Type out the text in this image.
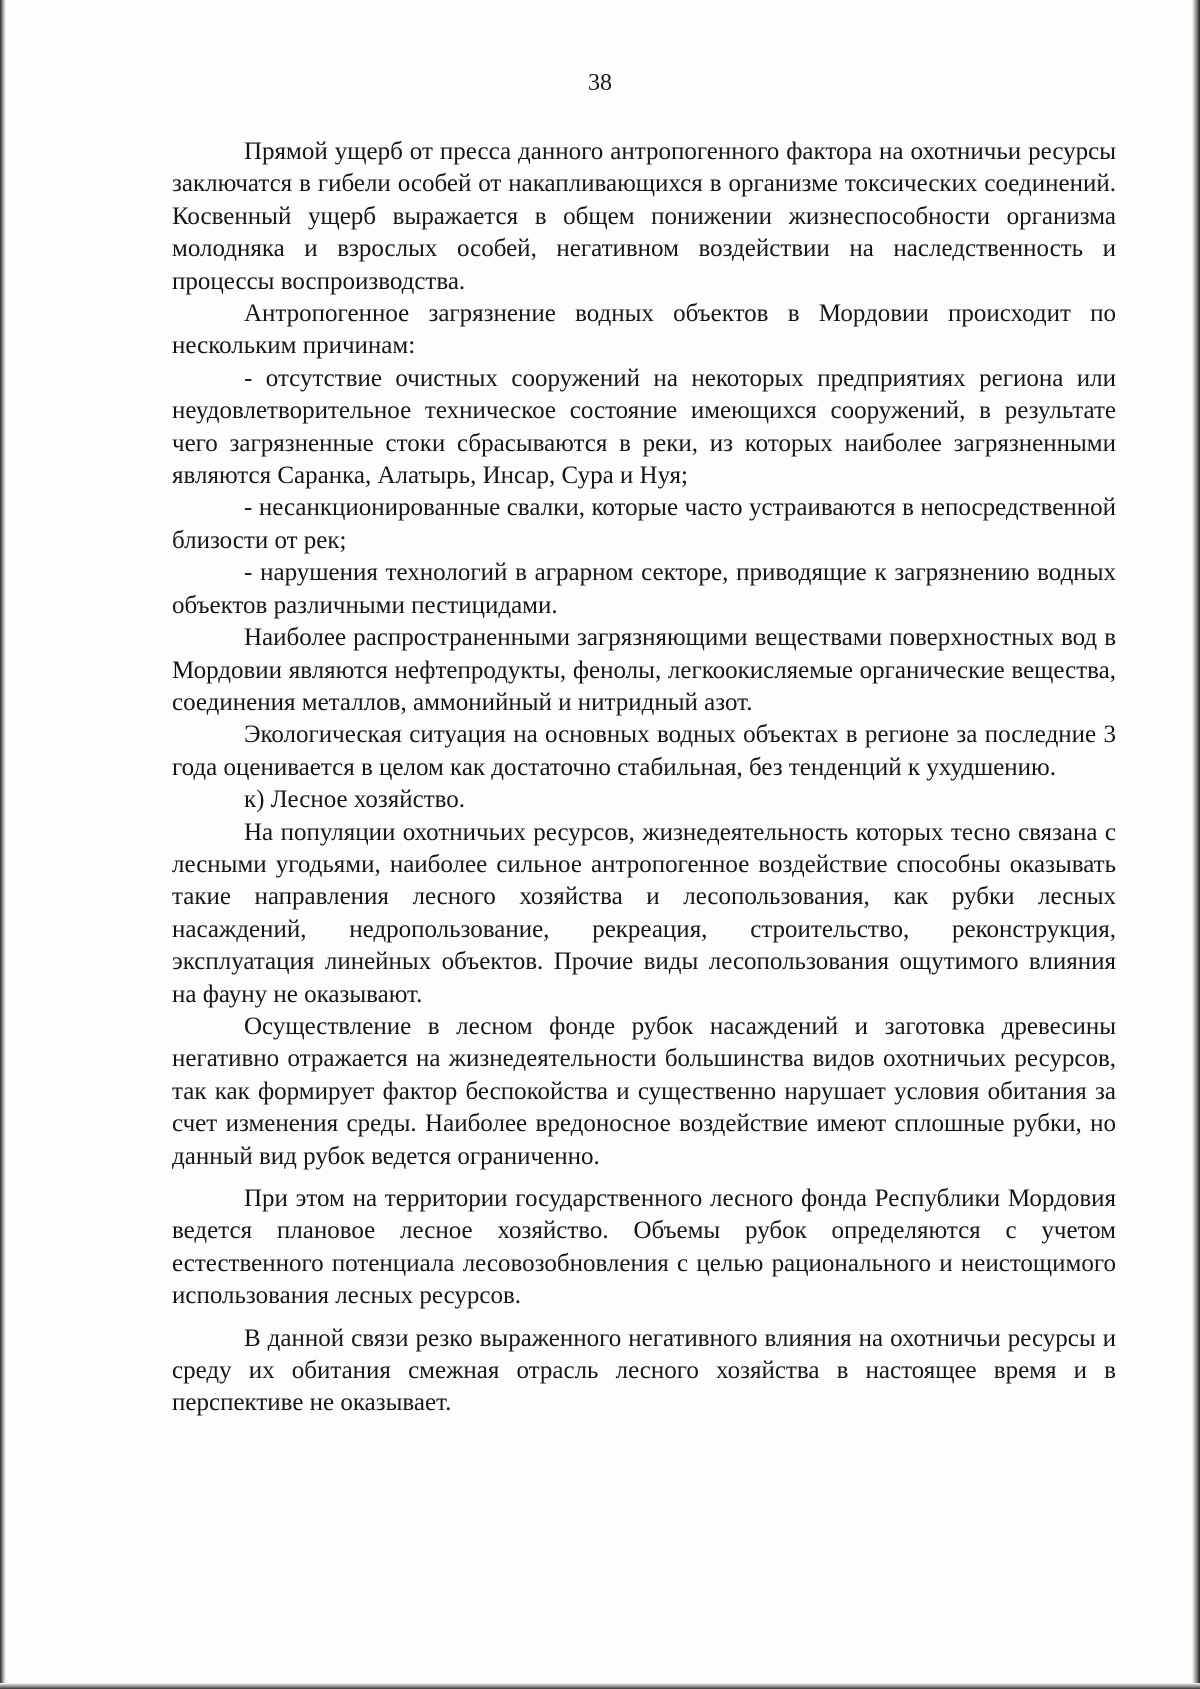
38

Прямой ущерб от пресса данного антропогенного фактора на охотничьи ресурсы заключатся в гибели особей от накапливающихся в организме токсических соединений. Косвенный ущерб выражается в общем понижении жизнеспособности организма молодняка и взрослых особей, негативном воздействии на наследственность и процессы воспроизводства.

Антропогенное загрязнение водных объектов в Мордовии происходит по нескольким причинам:

- отсутствие очистных сооружений на некоторых предприятиях региона или неудовлетворительное техническое состояние имеющихся сооружений, в результате чего загрязненные стоки сбрасываются в реки, из которых наиболее загрязненными являются Саранка, Алатырь, Инсар, Сура и Нуя;

- несанкционированные свалки, которые часто устраиваются в непосредственной близости от рек;

- нарушения технологий в аграрном секторе, приводящие к загрязнению водных объектов различными пестицидами.

Наиболее распространенными загрязняющими веществами поверхностных вод в Мордовии являются нефтепродукты, фенолы, легкоокисляемые органические вещества, соединения металлов, аммонийный и нитридный азот.

Экологическая ситуация на основных водных объектах в регионе за последние 3 года оценивается в целом как достаточно стабильная, без тенденций к ухудшению.

к) Лесное хозяйство.

На популяции охотничьих ресурсов, жизнедеятельность которых тесно связана с лесными угодьями, наиболее сильное антропогенное воздействие способны оказывать такие направления лесного хозяйства и лесопользования, как рубки лесных насаждений, недропользование, рекреация, строительство, реконструкция, эксплуатация линейных объектов. Прочие виды лесопользования ощутимого влияния на фауну не оказывают.

Осуществление в лесном фонде рубок насаждений и заготовка древесины негативно отражается на жизнедеятельности большинства видов охотничьих ресурсов, так как формирует фактор беспокойства и существенно нарушает условия обитания за счет изменения среды. Наиболее вредоносное воздействие имеют сплошные рубки, но данный вид рубок ведется ограниченно.

При этом на территории государственного лесного фонда Республики Мордовия ведется плановое лесное хозяйство. Объемы рубок определяются с учетом естественного потенциала лесовозобновления с целью рационального и неистощимого использования лесных ресурсов.

В данной связи резко выраженного негативного влияния на охотничьи ресурсы и среду их обитания смежная отрасль лесного хозяйства в настоящее время и в перспективе не оказывает.
